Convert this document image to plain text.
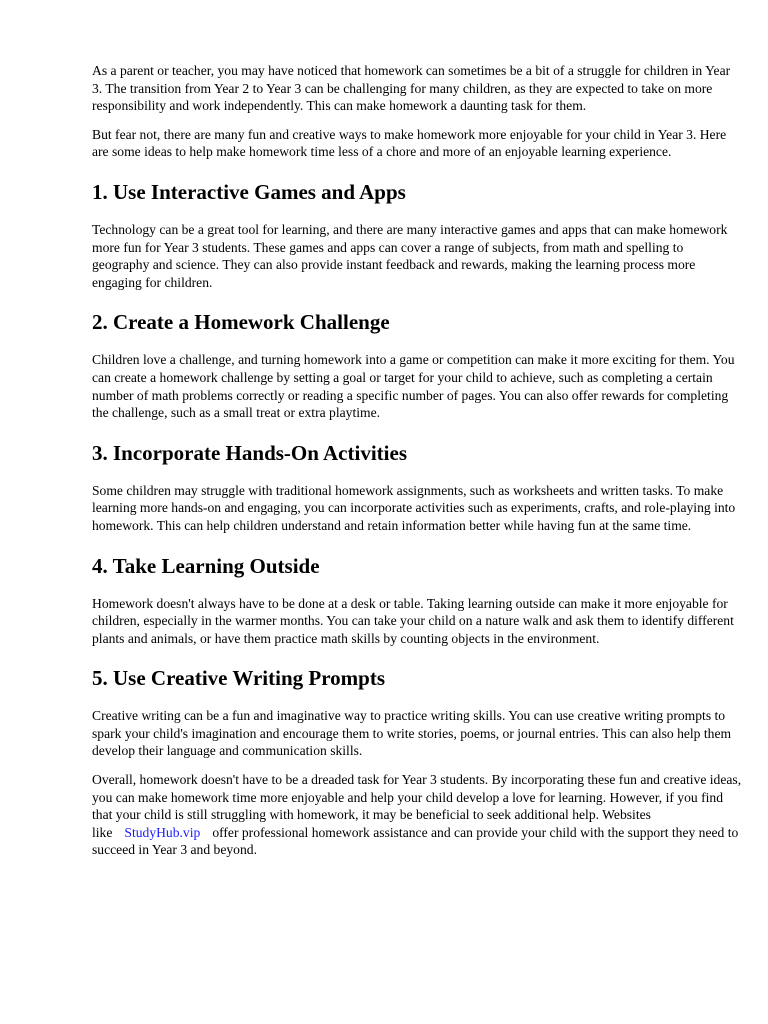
As a parent or teacher, you may have noticed that homework can sometimes be a bit of a struggle for children in Year 3. The transition from Year 2 to Year 3 can be challenging for many children, as they are expected to take on more responsibility and work independently. This can make homework a daunting task for them.

But fear not, there are many fun and creative ways to make homework more enjoyable for your child in Year 3. Here are some ideas to help make homework time less of a chore and more of an enjoyable learning experience.

1. Use Interactive Games and Apps

Technology can be a great tool for learning, and there are many interactive games and apps that can make homework more fun for Year 3 students. These games and apps can cover a range of subjects, from math and spelling to geography and science. They can also provide instant feedback and rewards, making the learning process more engaging for children.

2. Create a Homework Challenge

Children love a challenge, and turning homework into a game or competition can make it more exciting for them. You can create a homework challenge by setting a goal or target for your child to achieve, such as completing a certain number of math problems correctly or reading a specific number of pages. You can also offer rewards for completing the challenge, such as a small treat or extra playtime.

3. Incorporate Hands-On Activities

Some children may struggle with traditional homework assignments, such as worksheets and written tasks. To make learning more hands-on and engaging, you can incorporate activities such as experiments, crafts, and role-playing into homework. This can help children understand and retain information better while having fun at the same time.

4. Take Learning Outside

Homework doesn't always have to be done at a desk or table. Taking learning outside can make it more enjoyable for children, especially in the warmer months. You can take your child on a nature walk and ask them to identify different plants and animals, or have them practice math skills by counting objects in the environment.

5. Use Creative Writing Prompts

Creative writing can be a fun and imaginative way to practice writing skills. You can use creative writing prompts to spark your child's imagination and encourage them to write stories, poems, or journal entries. This can also help them develop their language and communication skills.

Overall, homework doesn't have to be a dreaded task for Year 3 students. By incorporating these fun and creative ideas, you can make homework time more enjoyable and help your child develop a love for learning. However, if you find that your child is still struggling with homework, it may be beneficial to seek additional help. Websites like StudyHub.vip offer professional homework assistance and can provide your child with the support they need to succeed in Year 3 and beyond.
